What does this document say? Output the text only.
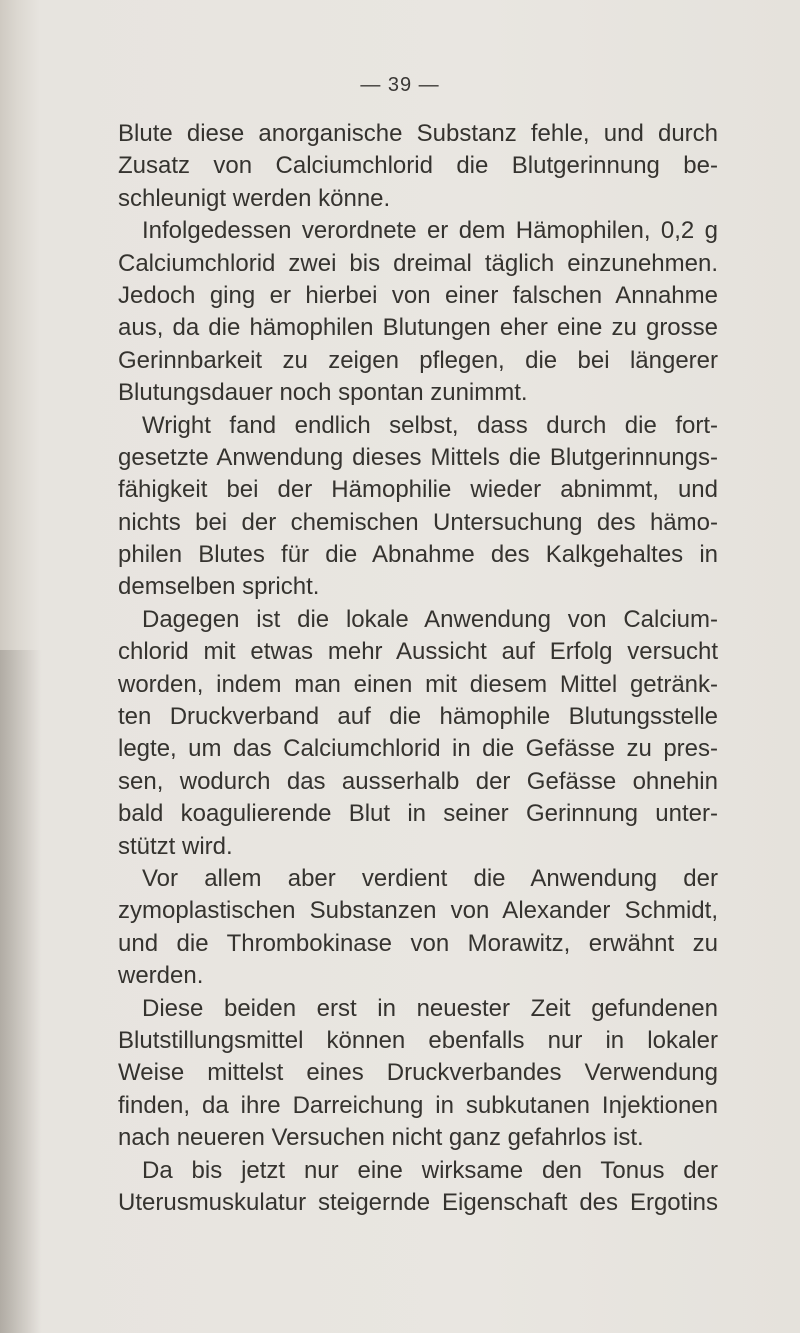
— 39 —
Blute diese anorganische Substanz fehle, und durch
Zusatz von Calciumchlorid die Blutgerinnung be-
schleunigt werden könne.
Infolgedessen verordnete er dem Hämophilen, 0,2 g
Calciumchlorid zwei bis dreimal täglich einzunehmen.
Jedoch ging er hierbei von einer falschen Annahme
aus, da die hämophilen Blutungen eher eine zu grosse
Gerinnbarkeit zu zeigen pflegen, die bei längerer
Blutungsdauer noch spontan zunimmt.
Wright fand endlich selbst, dass durch die fort-
gesetzte Anwendung dieses Mittels die Blutgerinnungs-
fähigkeit bei der Hämophilie wieder abnimmt, und
nichts bei der chemischen Untersuchung des hämo-
philen Blutes für die Abnahme des Kalkgehaltes in
demselben spricht.
Dagegen ist die lokale Anwendung von Calcium-
chlorid mit etwas mehr Aussicht auf Erfolg versucht
worden, indem man einen mit diesem Mittel getränk-
ten Druckverband auf die hämophile Blutungsstelle
legte, um das Calciumchlorid in die Gefässe zu pres-
sen, wodurch das ausserhalb der Gefässe ohnehin
bald koagulierende Blut in seiner Gerinnung unter-
stützt wird.
Vor allem aber verdient die Anwendung der
zymoplastischen Substanzen von Alexander Schmidt,
und die Thrombokinase von Morawitz, erwähnt zu
werden.
Diese beiden erst in neuester Zeit gefundenen
Blutstillungsmittel können ebenfalls nur in lokaler
Weise mittelst eines Druckverbandes Verwendung
finden, da ihre Darreichung in subkutanen Injektionen
nach neueren Versuchen nicht ganz gefahrlos ist.
Da bis jetzt nur eine wirksame den Tonus der
Uterusmuskulatur steigernde Eigenschaft des Ergotins
